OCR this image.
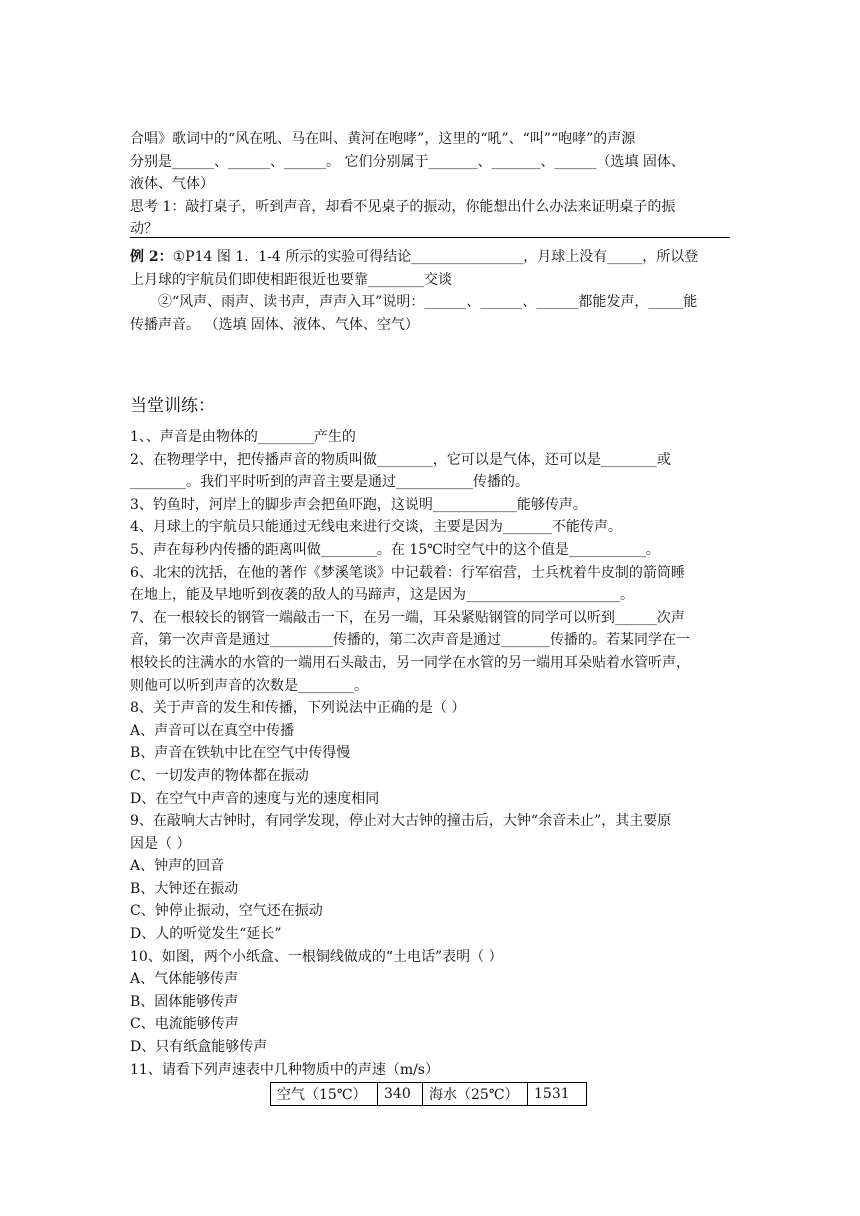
合唱》歌词中的“风在吼、马在叫、黄河在咆哮”，这里的“吼”、“叫”“咆哮”的声源
分别是______、______、______。 它们分别属于_______、_______、______（选填 固体、
液体、气体）
思考 1：敲打桌子，听到声音，却看不见桌子的振动，你能想出什么办法来证明桌子的振
动？
例 2：①P14 图 1．1-4 所示的实验可得结论________________，月球上没有_____，所以登
上月球的宇航员们即使相距很近也要靠________交谈
②“风声、雨声、读书声，声声入耳”说明：______、______、______都能发声，_____能
传播声音。 （选填 固体、液体、气体、空气）
当堂训练：
1、、声音是由物体的________产生的
2、在物理学中，把传播声音的物质叫做________，它可以是气体，还可以是________或
________。我们平时听到的声音主要是通过___________传播的。
3、钓鱼时，河岸上的脚步声会把鱼吓跑，这说明____________能够传声。
4、月球上的宇航员只能通过无线电来进行交谈，主要是因为_______不能传声。
5、声在每秒内传播的距离叫做________。在 15℃时空气中的这个值是___________。
6、北宋的沈括，在他的著作《梦溪笔谈》中记载着：行军宿营，士兵枕着牛皮制的箭筒睡
在地上，能及早地听到夜袭的敌人的马蹄声，这是因为______________________。
7、在一根较长的钢管一端敲击一下，在另一端，耳朵紧贴钢管的同学可以听到______次声
音，第一次声音是通过_________传播的，第二次声音是通过_______传播的。若某同学在一
根较长的注满水的水管的一端用石头敲击，另一同学在水管的另一端用耳朵贴着水管听声，
则他可以听到声音的次数是________。
8、关于声音的发生和传播，下列说法中正确的是（ ）
A、声音可以在真空中传播
B、声音在铁轨中比在空气中传得慢
C、一切发声的物体都在振动
D、在空气中声音的速度与光的速度相同
9、在敲响大古钟时，有同学发现，停止对大古钟的撞击后，大钟“余音未止”，其主要原
因是（ ）
A、钟声的回音
B、大钟还在振动
C、钟停止振动，空气还在振动
D、人的听觉发生“延长”
10、如图，两个小纸盒、一根铜线做成的“土电话”表明（ ）
A、气体能够传声
B、固体能够传声
C、电流能够传声
D、只有纸盒能够传声
11、请看下列声速表中几种物质中的声速（m/s）
空气（15℃）	340	海水（25℃）	1531
